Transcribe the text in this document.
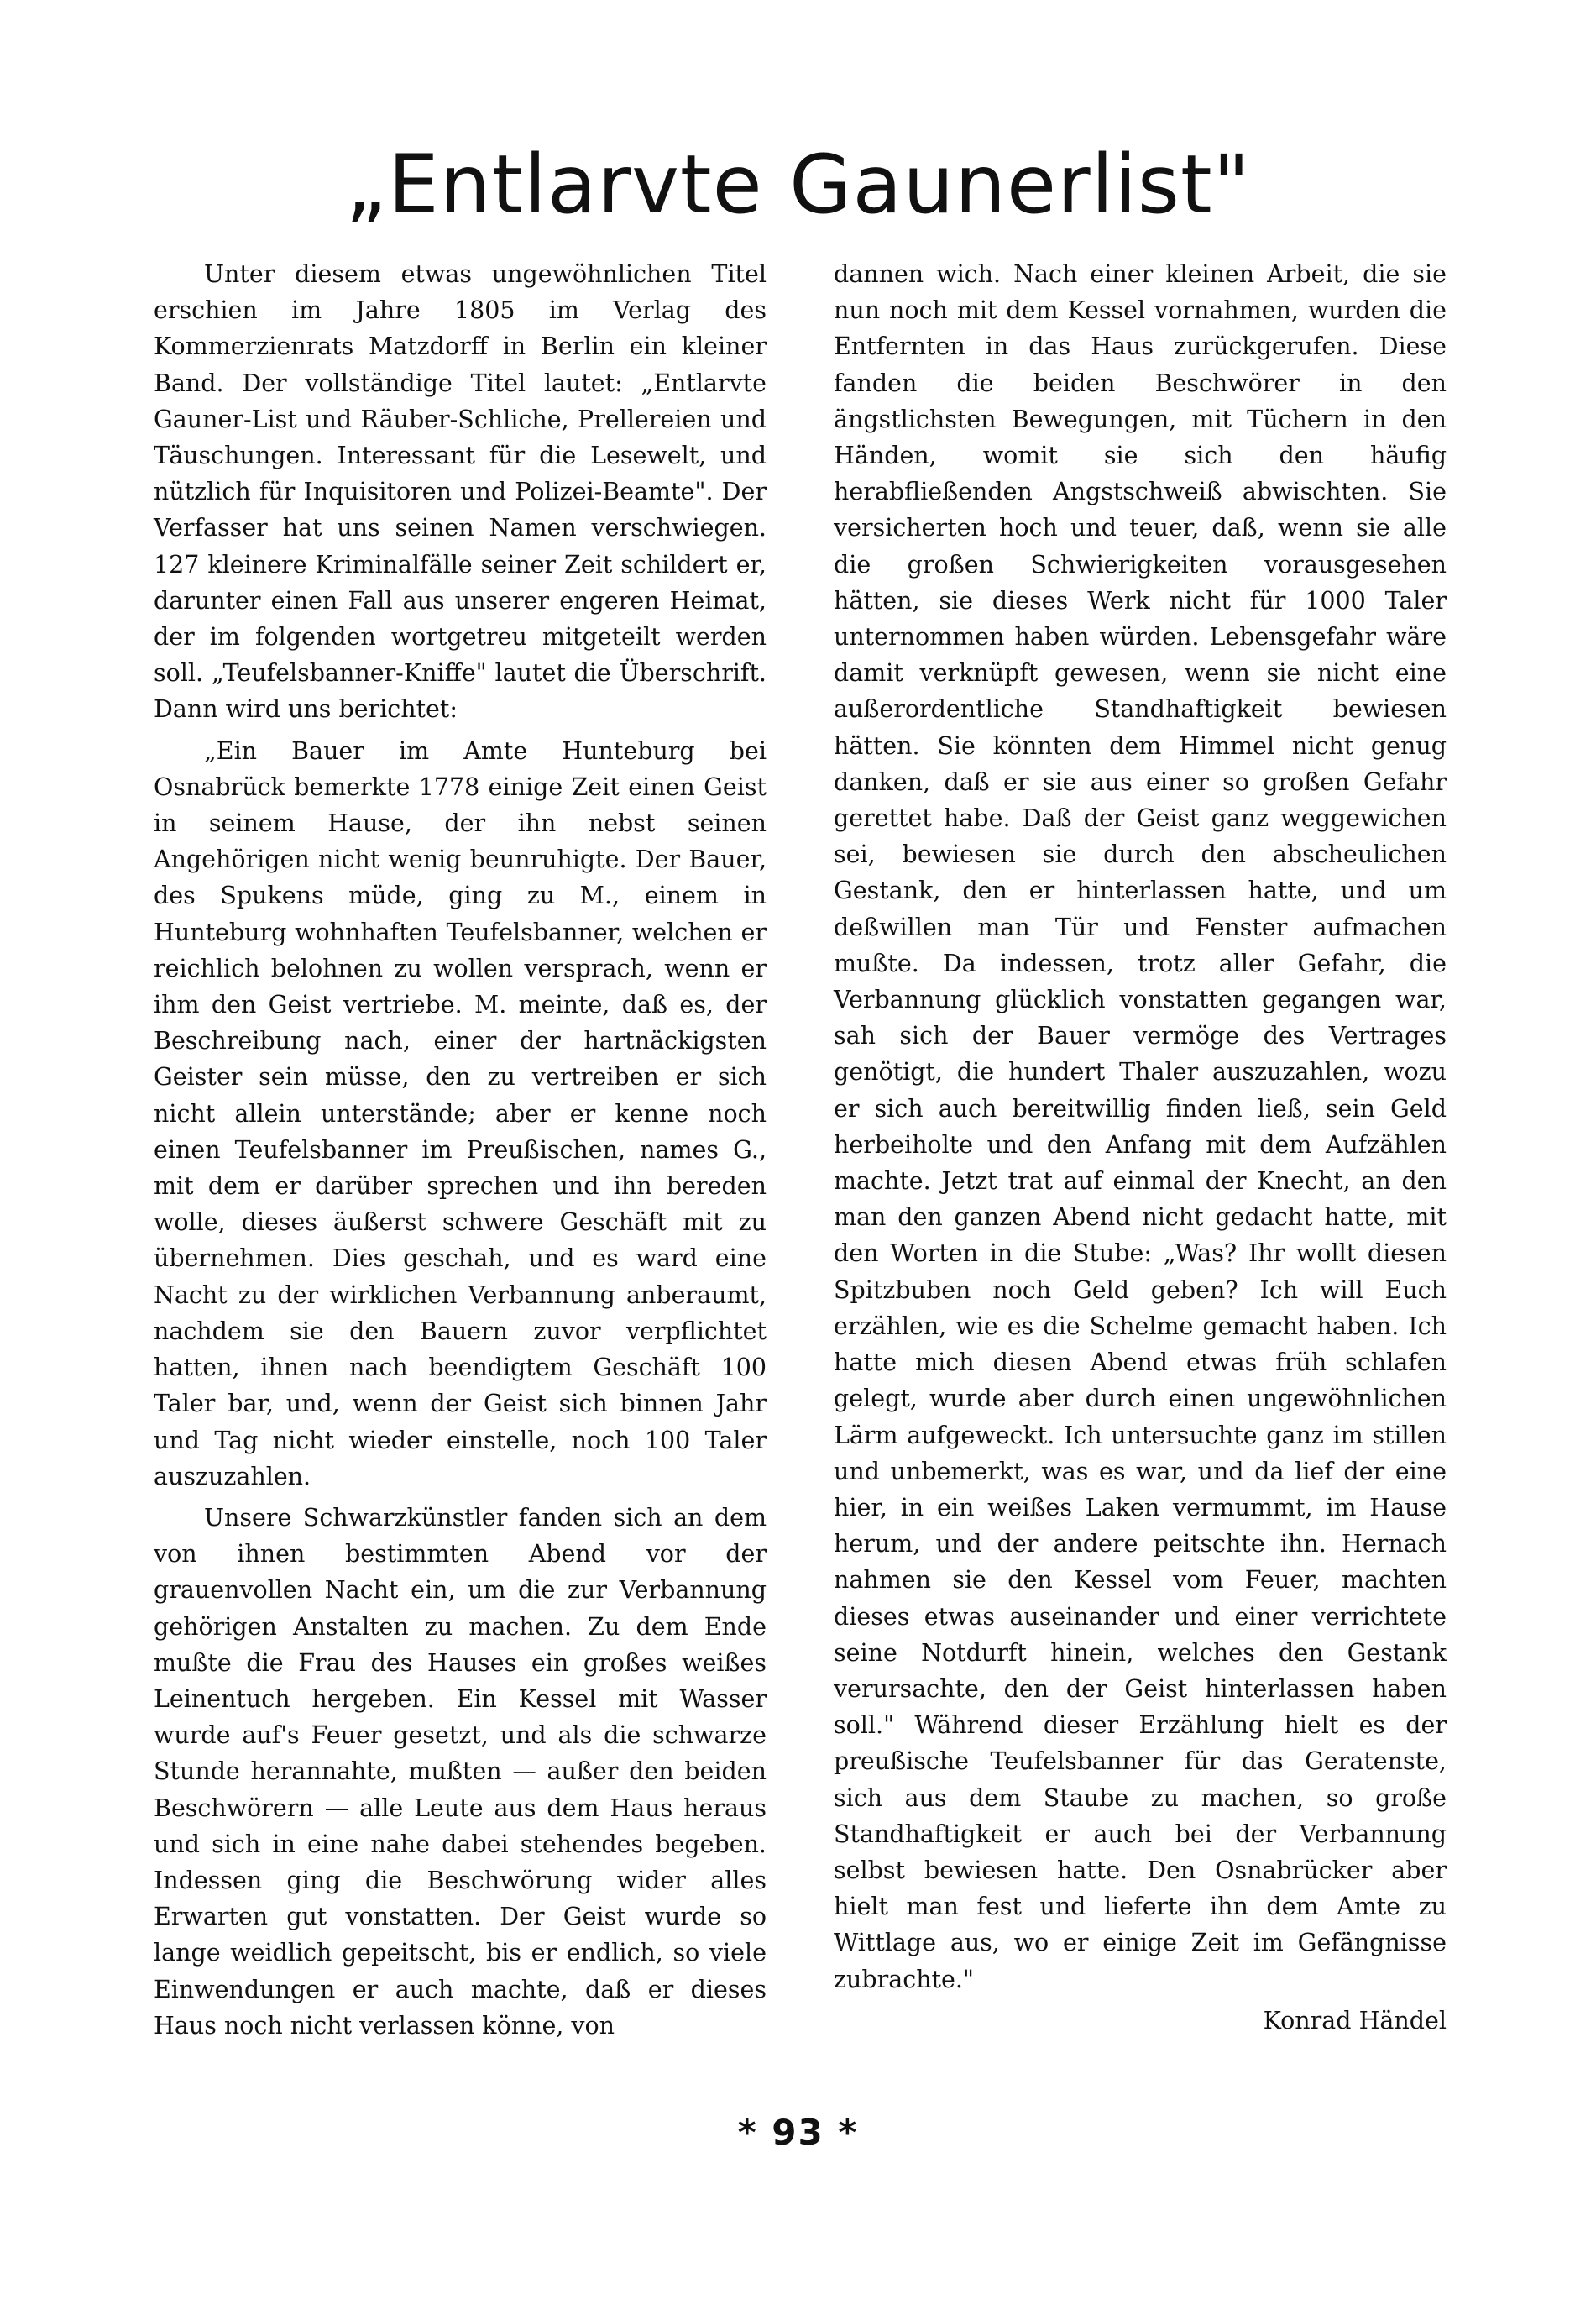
„Entlarvte Gaunerlist"

Unter diesem etwas ungewöhnlichen Titel erschien im Jahre 1805 im Verlag des Kommerzienrats Matzdorff in Berlin ein kleiner Band. Der vollständige Titel lautet: „Entlarvte Gauner-List und Räuber-Schliche, Prellereien und Täuschungen. Interessant für die Lesewelt, und nützlich für Inquisitoren und Polizei-Beamte". Der Verfasser hat uns seinen Namen verschwiegen. 127 kleinere Kriminalfälle seiner Zeit schildert er, darunter einen Fall aus unserer engeren Heimat, der im folgenden wortgetreu mitgeteilt werden soll. „Teufelsbanner-Kniffe" lautet die Überschrift. Dann wird uns berichtet:

„Ein Bauer im Amte Hunteburg bei Osnabrück bemerkte 1778 einige Zeit einen Geist in seinem Hause, der ihn nebst seinen Angehörigen nicht wenig beunruhigte. Der Bauer, des Spukens müde, ging zu M., einem in Hunteburg wohnhaften Teufelsbanner, welchen er reichlich belohnen zu wollen versprach, wenn er ihm den Geist vertriebe. M. meinte, daß es, der Beschreibung nach, einer der hartnäckigsten Geister sein müsse, den zu vertreiben er sich nicht allein unterstände; aber er kenne noch einen Teufelsbanner im Preußischen, names G., mit dem er darüber sprechen und ihn bereden wolle, dieses äußerst schwere Geschäft mit zu übernehmen. Dies geschah, und es ward eine Nacht zu der wirklichen Verbannung anberaumt, nachdem sie den Bauern zuvor verpflichtet hatten, ihnen nach beendigtem Geschäft 100 Taler bar, und, wenn der Geist sich binnen Jahr und Tag nicht wieder einstelle, noch 100 Taler auszuzahlen.

Unsere Schwarzkünstler fanden sich an dem von ihnen bestimmten Abend vor der grauenvollen Nacht ein, um die zur Verbannung gehörigen Anstalten zu machen. Zu dem Ende mußte die Frau des Hauses ein großes weißes Leinentuch hergeben. Ein Kessel mit Wasser wurde auf's Feuer gesetzt, und als die schwarze Stunde herannahte, mußten — außer den beiden Beschwörern — alle Leute aus dem Haus heraus und sich in eine nahe dabei stehendes begeben. Indessen ging die Beschwörung wider alles Erwarten gut vonstatten. Der Geist wurde so lange weidlich gepeitscht, bis er endlich, so viele Einwendungen er auch machte, daß er dieses Haus noch nicht verlassen könne, von

dannen wich. Nach einer kleinen Arbeit, die sie nun noch mit dem Kessel vornahmen, wurden die Entfernten in das Haus zurückgerufen. Diese fanden die beiden Beschwörer in den ängstlichsten Bewegungen, mit Tüchern in den Händen, womit sie sich den häufig herabfließenden Angstschweiß abwischten. Sie versicherten hoch und teuer, daß, wenn sie alle die großen Schwierigkeiten vorausgesehen hätten, sie dieses Werk nicht für 1000 Taler unternommen haben würden. Lebensgefahr wäre damit verknüpft gewesen, wenn sie nicht eine außerordentliche Standhaftigkeit bewiesen hätten. Sie könnten dem Himmel nicht genug danken, daß er sie aus einer so großen Gefahr gerettet habe. Daß der Geist ganz weggewichen sei, bewiesen sie durch den abscheulichen Gestank, den er hinterlassen hatte, und um deßwillen man Tür und Fenster aufmachen mußte. Da indessen, trotz aller Gefahr, die Verbannung glücklich vonstatten gegangen war, sah sich der Bauer vermöge des Vertrages genötigt, die hundert Thaler auszuzahlen, wozu er sich auch bereitwillig finden ließ, sein Geld herbeiholte und den Anfang mit dem Aufzählen machte. Jetzt trat auf einmal der Knecht, an den man den ganzen Abend nicht gedacht hatte, mit den Worten in die Stube: „Was? Ihr wollt diesen Spitzbuben noch Geld geben? Ich will Euch erzählen, wie es die Schelme gemacht haben. Ich hatte mich diesen Abend etwas früh schlafen gelegt, wurde aber durch einen ungewöhnlichen Lärm aufgeweckt. Ich untersuchte ganz im stillen und unbemerkt, was es war, und da lief der eine hier, in ein weißes Laken vermummt, im Hause herum, und der andere peitschte ihn. Hernach nahmen sie den Kessel vom Feuer, machten dieses etwas auseinander und einer verrichtete seine Notdurft hinein, welches den Gestank verursachte, den der Geist hinterlassen haben soll." Während dieser Erzählung hielt es der preußische Teufelsbanner für das Geratenste, sich aus dem Staube zu machen, so große Standhaftigkeit er auch bei der Verbannung selbst bewiesen hatte. Den Osnabrücker aber hielt man fest und lieferte ihn dem Amte zu Wittlage aus, wo er einige Zeit im Gefängnisse zubrachte."

Konrad Händel

* 93 *
